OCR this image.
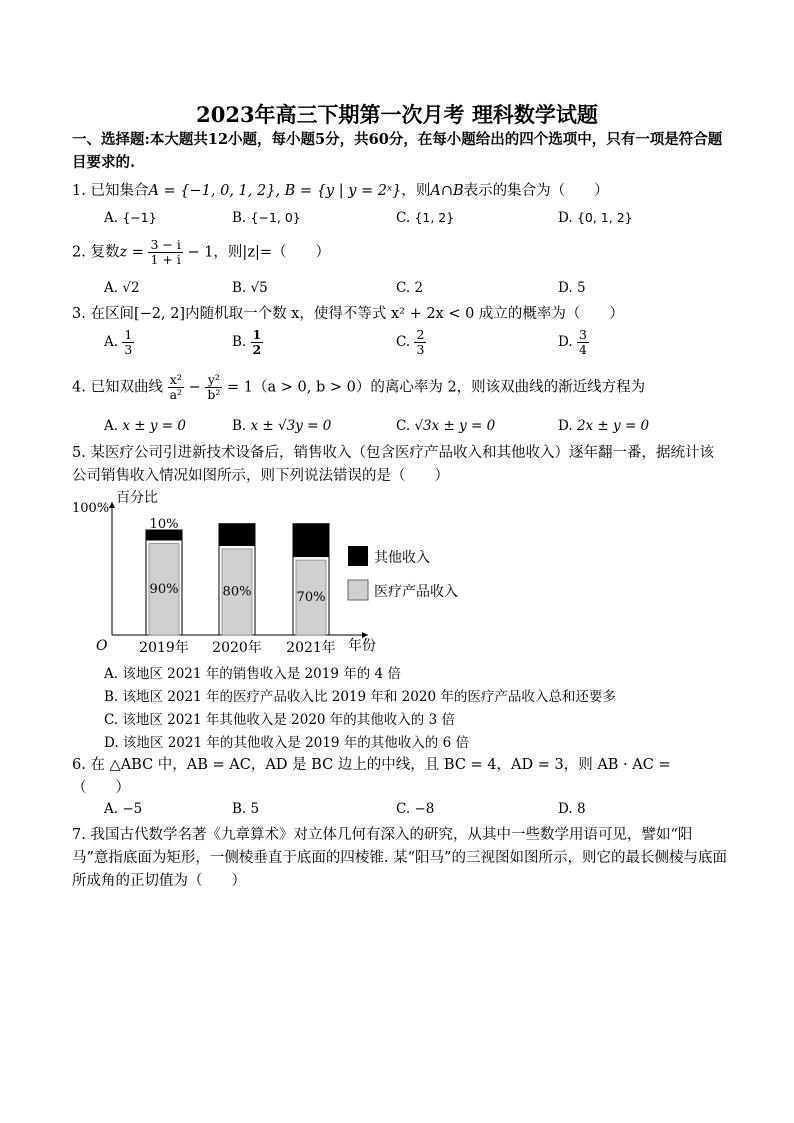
2023年高三下期第一次月考 理科数学试题
一、选择题:本大题共12小题，每小题5分，共60分，在每小题给出的四个选项中，只有一项是符合题目要求的.
1. 已知集合A = {−1, 0, 1, 2}, B = {y | y = 2ˣ}，则A∩B表示的集合为（　　）
A. {−1}	B. {−1, 0}	C. {1, 2}	D. {0, 1, 2}
2. 复数$z = \frac{3 - i}{1 + i} - 1$，则|z|=（　　）
A. √2	B. √5	C. 2	D. 5
3. 在区间[−2, 2]内随机取一个数 x，使得不等式 x² + 2x < 0 成立的概率为（　　）
A. $\frac{1}{3}$	B. $\frac{1}{2}$	C. $\frac{2}{3}$	D. $\frac{3}{4}$
4. 已知双曲线 $\frac{\text{x²}}{\text{a²}} - \frac{\text{y²}}{\text{b²}} = 1(a > 0$, b > 0）的离心率为 2，则该双曲线的渐近线方程为
A. x ± y = 0	B. x ± √3y = 0	C. √3x ± y = 0	D. 2x ± y = 0
5. 某医疗公司引进新技术设备后，销售收入（包含医疗产品收入和其他收入）逐年翻一番，据统计该公司销售收入情况如图所示，则下列说法错误的是（　　）
100%
百分比
年份
O
90%
10%
2019年
80%
2020年
70%
2021年
其他收入
医疗产品收入
A. 该地区 2021 年的销售收入是 2019 年的 4 倍
B. 该地区 2021 年的医疗产品收入比 2019 年和 2020 年的医疗产品收入总和还要多
C. 该地区 2021 年其他收入是 2020 年的其他收入的 3 倍
D. 该地区 2021 年的其他收入是 2019 年的其他收入的 6 倍
6. 在 △ABC 中，AB = AC，AD 是 BC 边上的中线，且 BC = 4，AD = 3，则 AB · AC =
（　　）
A. −5	B. 5	C. −8	D. 8
7. 我国古代数学名著《九章算术》对立体几何有深入的研究，从其中一些数学用语可见，譬如“阳马”意指底面为矩形，一侧棱垂直于底面的四棱锥. 某“阳马”的三视图如图所示，则它的最长侧棱与底面所成角的正切值为（　　）
